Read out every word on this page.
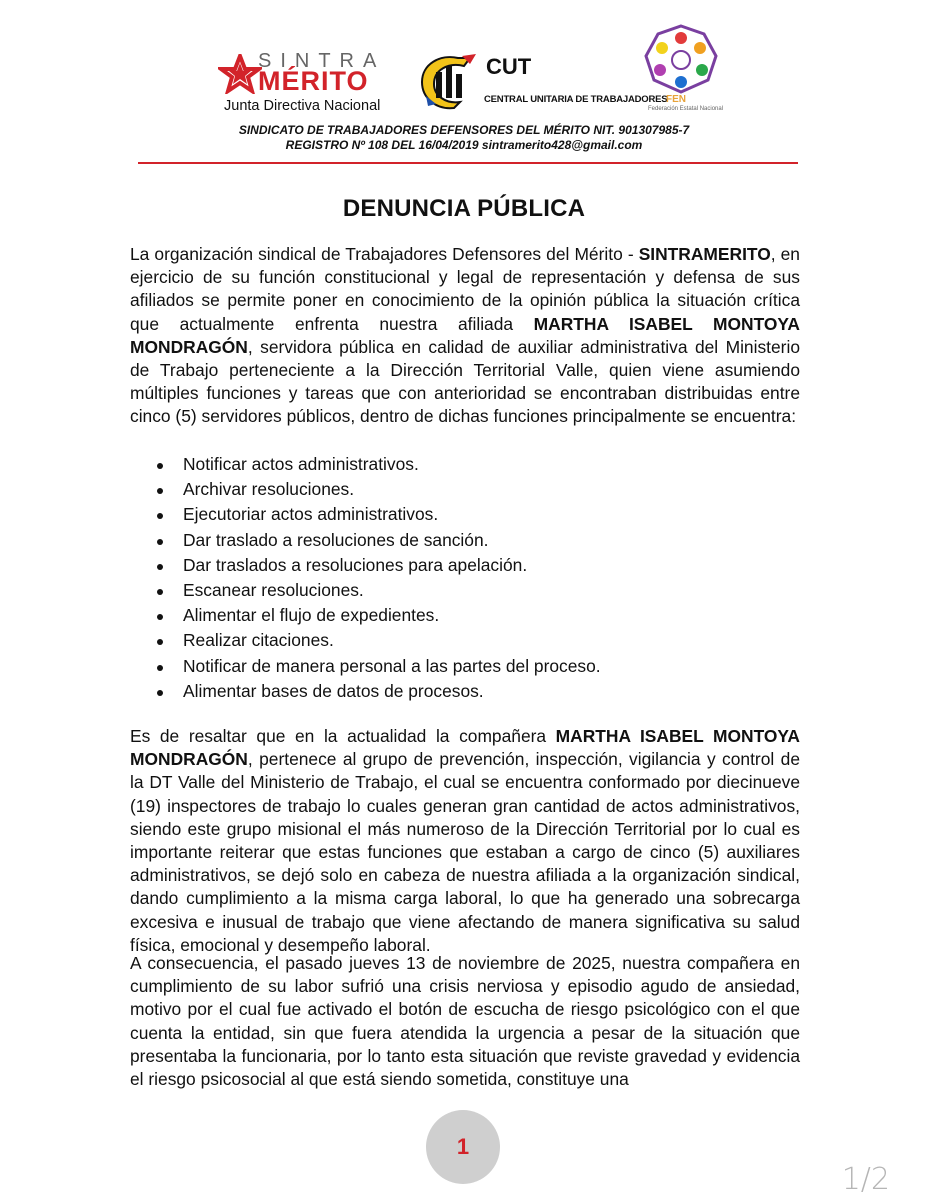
SINTRA
MÉRITO
Junta Directiva Nacional
CUT
CENTRAL UNITARIA DE TRABAJADORES
FEN
Federación Estatal Nacional
SINDICATO DE TRABAJADORES DEFENSORES DEL MÉRITO NIT. 901307985-7
REGISTRO Nº 108 DEL 16/04/2019 sintramerito428@gmail.com
DENUNCIA PÚBLICA

La organización sindical de Trabajadores Defensores del Mérito - SINTRAMERITO, en ejercicio de su función constitucional y legal de representación y defensa de sus afiliados se permite poner en conocimiento de la opinión pública la situación crítica que actualmente enfrenta nuestra afiliada MARTHA ISABEL MONTOYA MONDRAGÓN, servidora pública en calidad de auxiliar administrativa del Ministerio de Trabajo perteneciente a la Dirección Territorial Valle, quien viene asumiendo múltiples funciones y tareas que con anterioridad se encontraban distribuidas entre cinco (5) servidores públicos, dentro de dichas funciones principalmente se encuentra:

Notificar actos administrativos.
Archivar resoluciones.
Ejecutoriar actos administrativos.
Dar traslado a resoluciones de sanción.
Dar traslados a resoluciones para apelación.
Escanear resoluciones.
Alimentar el flujo de expedientes.
Realizar citaciones.
Notificar de manera personal a las partes del proceso.
Alimentar bases de datos de procesos.

Es de resaltar que en la actualidad la compañera MARTHA ISABEL MONTOYA MONDRAGÓN, pertenece al grupo de prevención, inspección, vigilancia y control de la DT Valle del Ministerio de Trabajo, el cual se encuentra conformado por diecinueve (19) inspectores de trabajo lo cuales generan gran cantidad de actos administrativos, siendo este grupo misional el más numeroso de la Dirección Territorial por lo cual es importante reiterar que estas funciones que estaban a cargo de cinco (5) auxiliares administrativos, se dejó solo en cabeza de nuestra afiliada a la organización sindical, dando cumplimiento a la misma carga laboral, lo que ha generado una sobrecarga excesiva e inusual de trabajo que viene afectando de manera significativa su salud física, emocional y desempeño laboral.

A consecuencia, el pasado jueves 13 de noviembre de 2025, nuestra compañera en cumplimiento de su labor sufrió una crisis nerviosa y episodio agudo de ansiedad, motivo por el cual fue activado el botón de escucha de riesgo psicológico con el que cuenta la entidad, sin que fuera atendida la urgencia a pesar de la situación que presentaba la funcionaria, por lo tanto esta situación que reviste gravedad y evidencia el riesgo psicosocial al que está siendo sometida, constituye una

1
1/2
